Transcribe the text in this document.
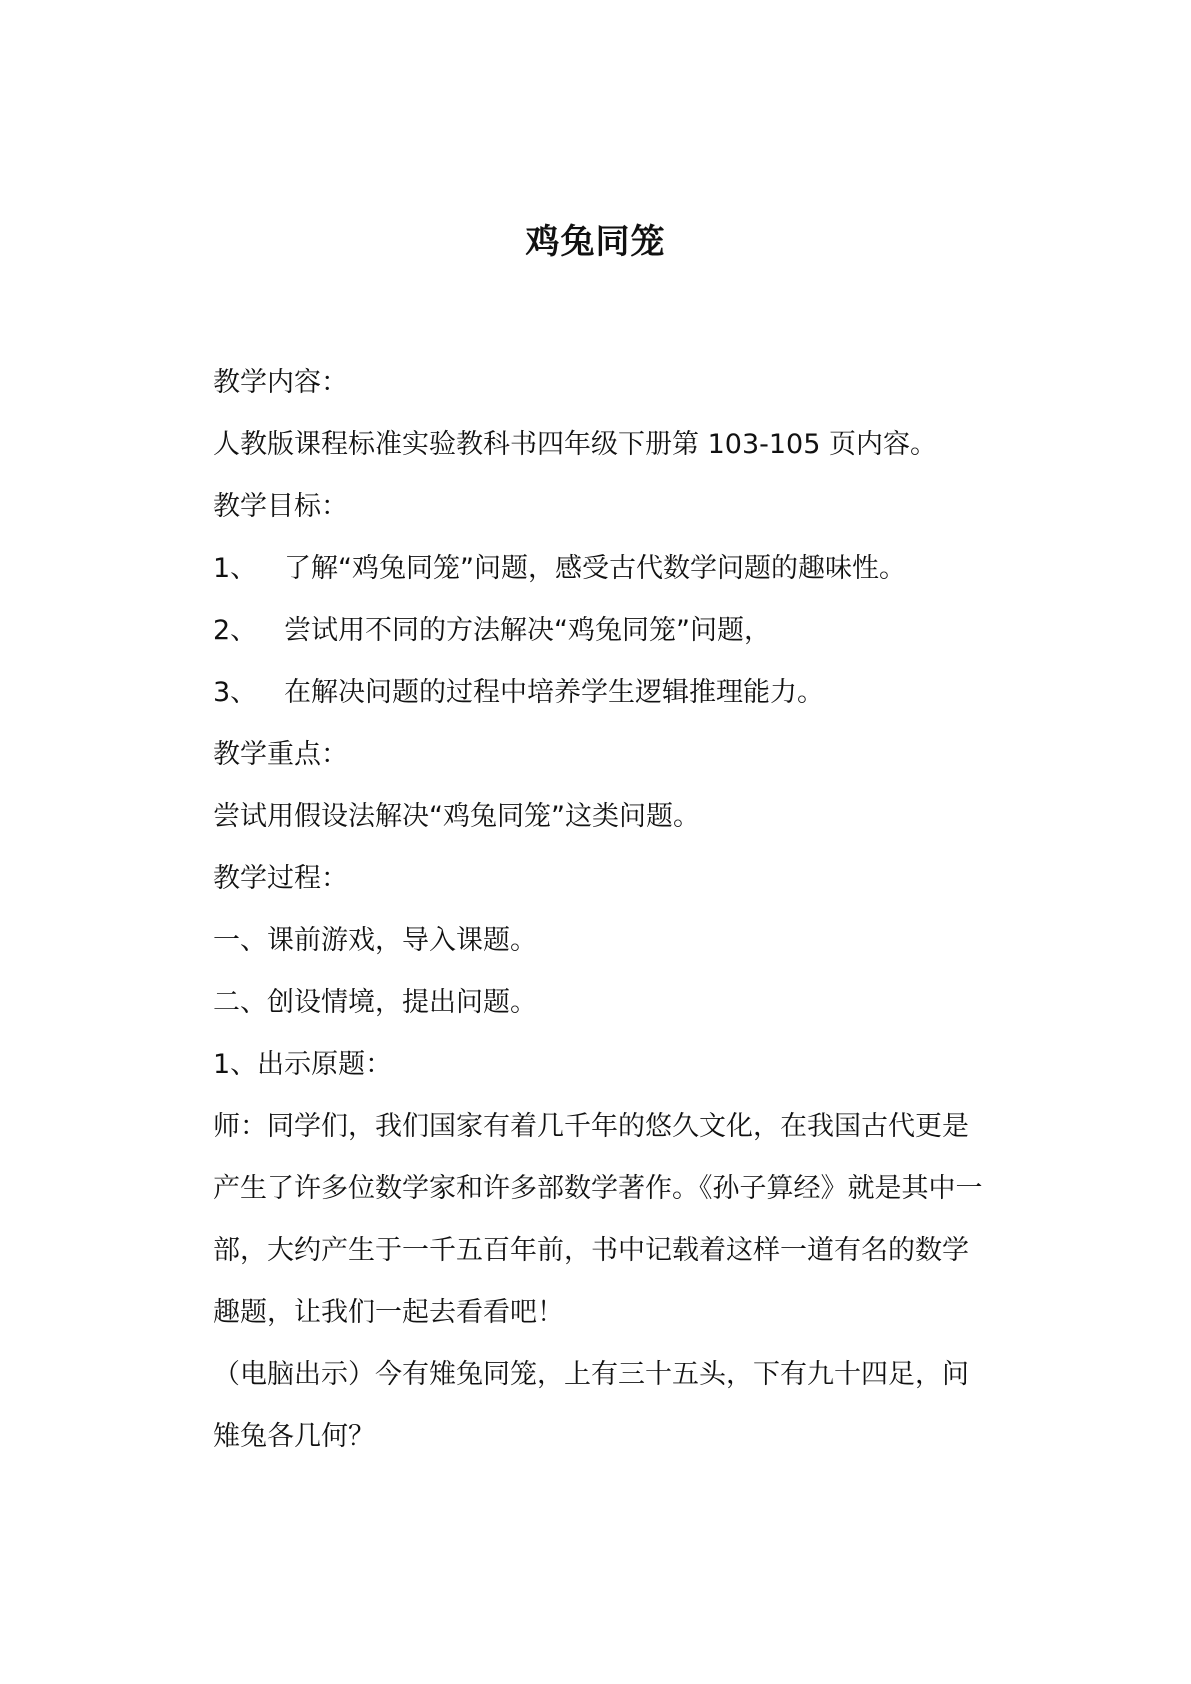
鸡兔同笼
教学内容：
人教版课程标准实验教科书四年级下册第 103-105 页内容。
教学目标：
1、 了解“鸡兔同笼”问题，感受古代数学问题的趣味性。
2、 尝试用不同的方法解决“鸡兔同笼”问题，
3、 在解决问题的过程中培养学生逻辑推理能力。
教学重点：
尝试用假设法解决“鸡兔同笼”这类问题。
教学过程：
一、课前游戏，导入课题。
二、创设情境，提出问题。
1、出示原题：
师：同学们，我们国家有着几千年的悠久文化，在我国古代更是
产生了许多位数学家和许多部数学著作。《孙子算经》就是其中一
部，大约产生于一千五百年前，书中记载着这样一道有名的数学
趣题，让我们一起去看看吧！
（电脑出示）今有雉兔同笼，上有三十五头，下有九十四足，问
雉兔各几何？
